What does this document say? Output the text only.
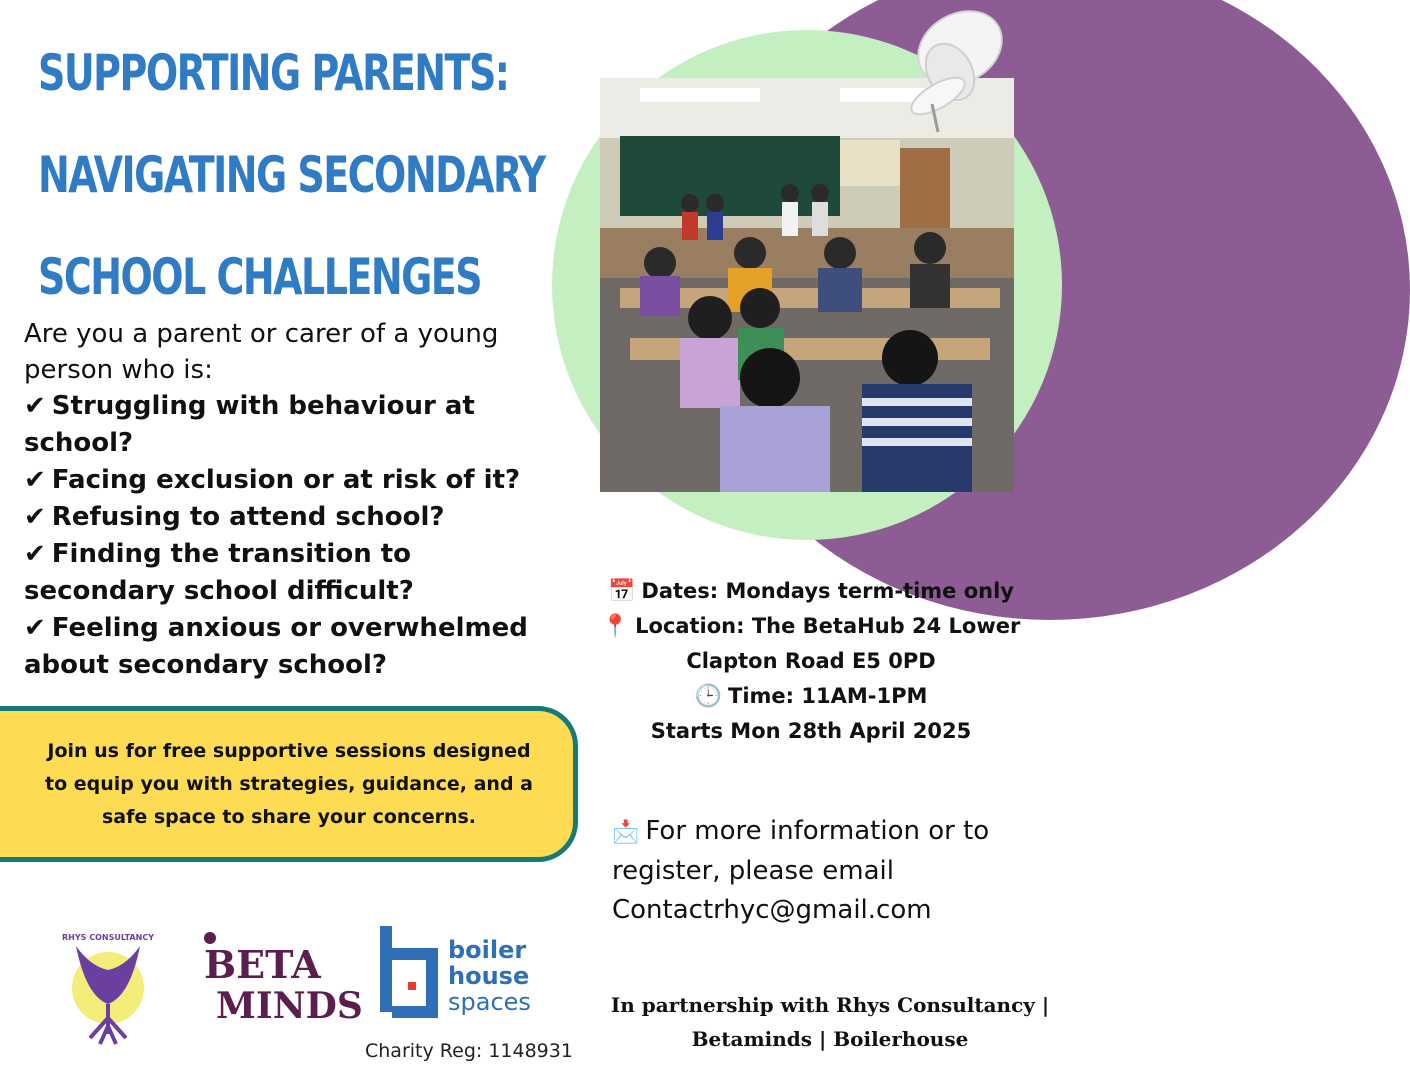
SUPPORTING PARENTS:
NAVIGATING SECONDARY
SCHOOL CHALLENGES

Are you a parent or carer of a young person who is:

✔ Struggling with behaviour at school?
✔ Facing exclusion or at risk of it?
✔ Refusing to attend school?
✔ Finding the transition to secondary school difficult?
✔ Feeling anxious or overwhelmed about secondary school?

Join us for free supportive sessions designed to equip you with strategies, guidance, and a safe space to share your concerns.

📅 Dates: Mondays term-time only

📍 Location: The BetaHub 24 Lower Clapton Road E5 0PD

🕒 Time: 11AM-1PM

Starts Mon 28th April 2025

📩 For more information or to register, please email

Contactrhyc@gmail.com

RHYS CONSULTANCY
BETA
MINDS
boiler
house
spaces

Charity Reg: 1148931

In partnership with Rhys Consultancy | Betaminds | Boilerhouse
